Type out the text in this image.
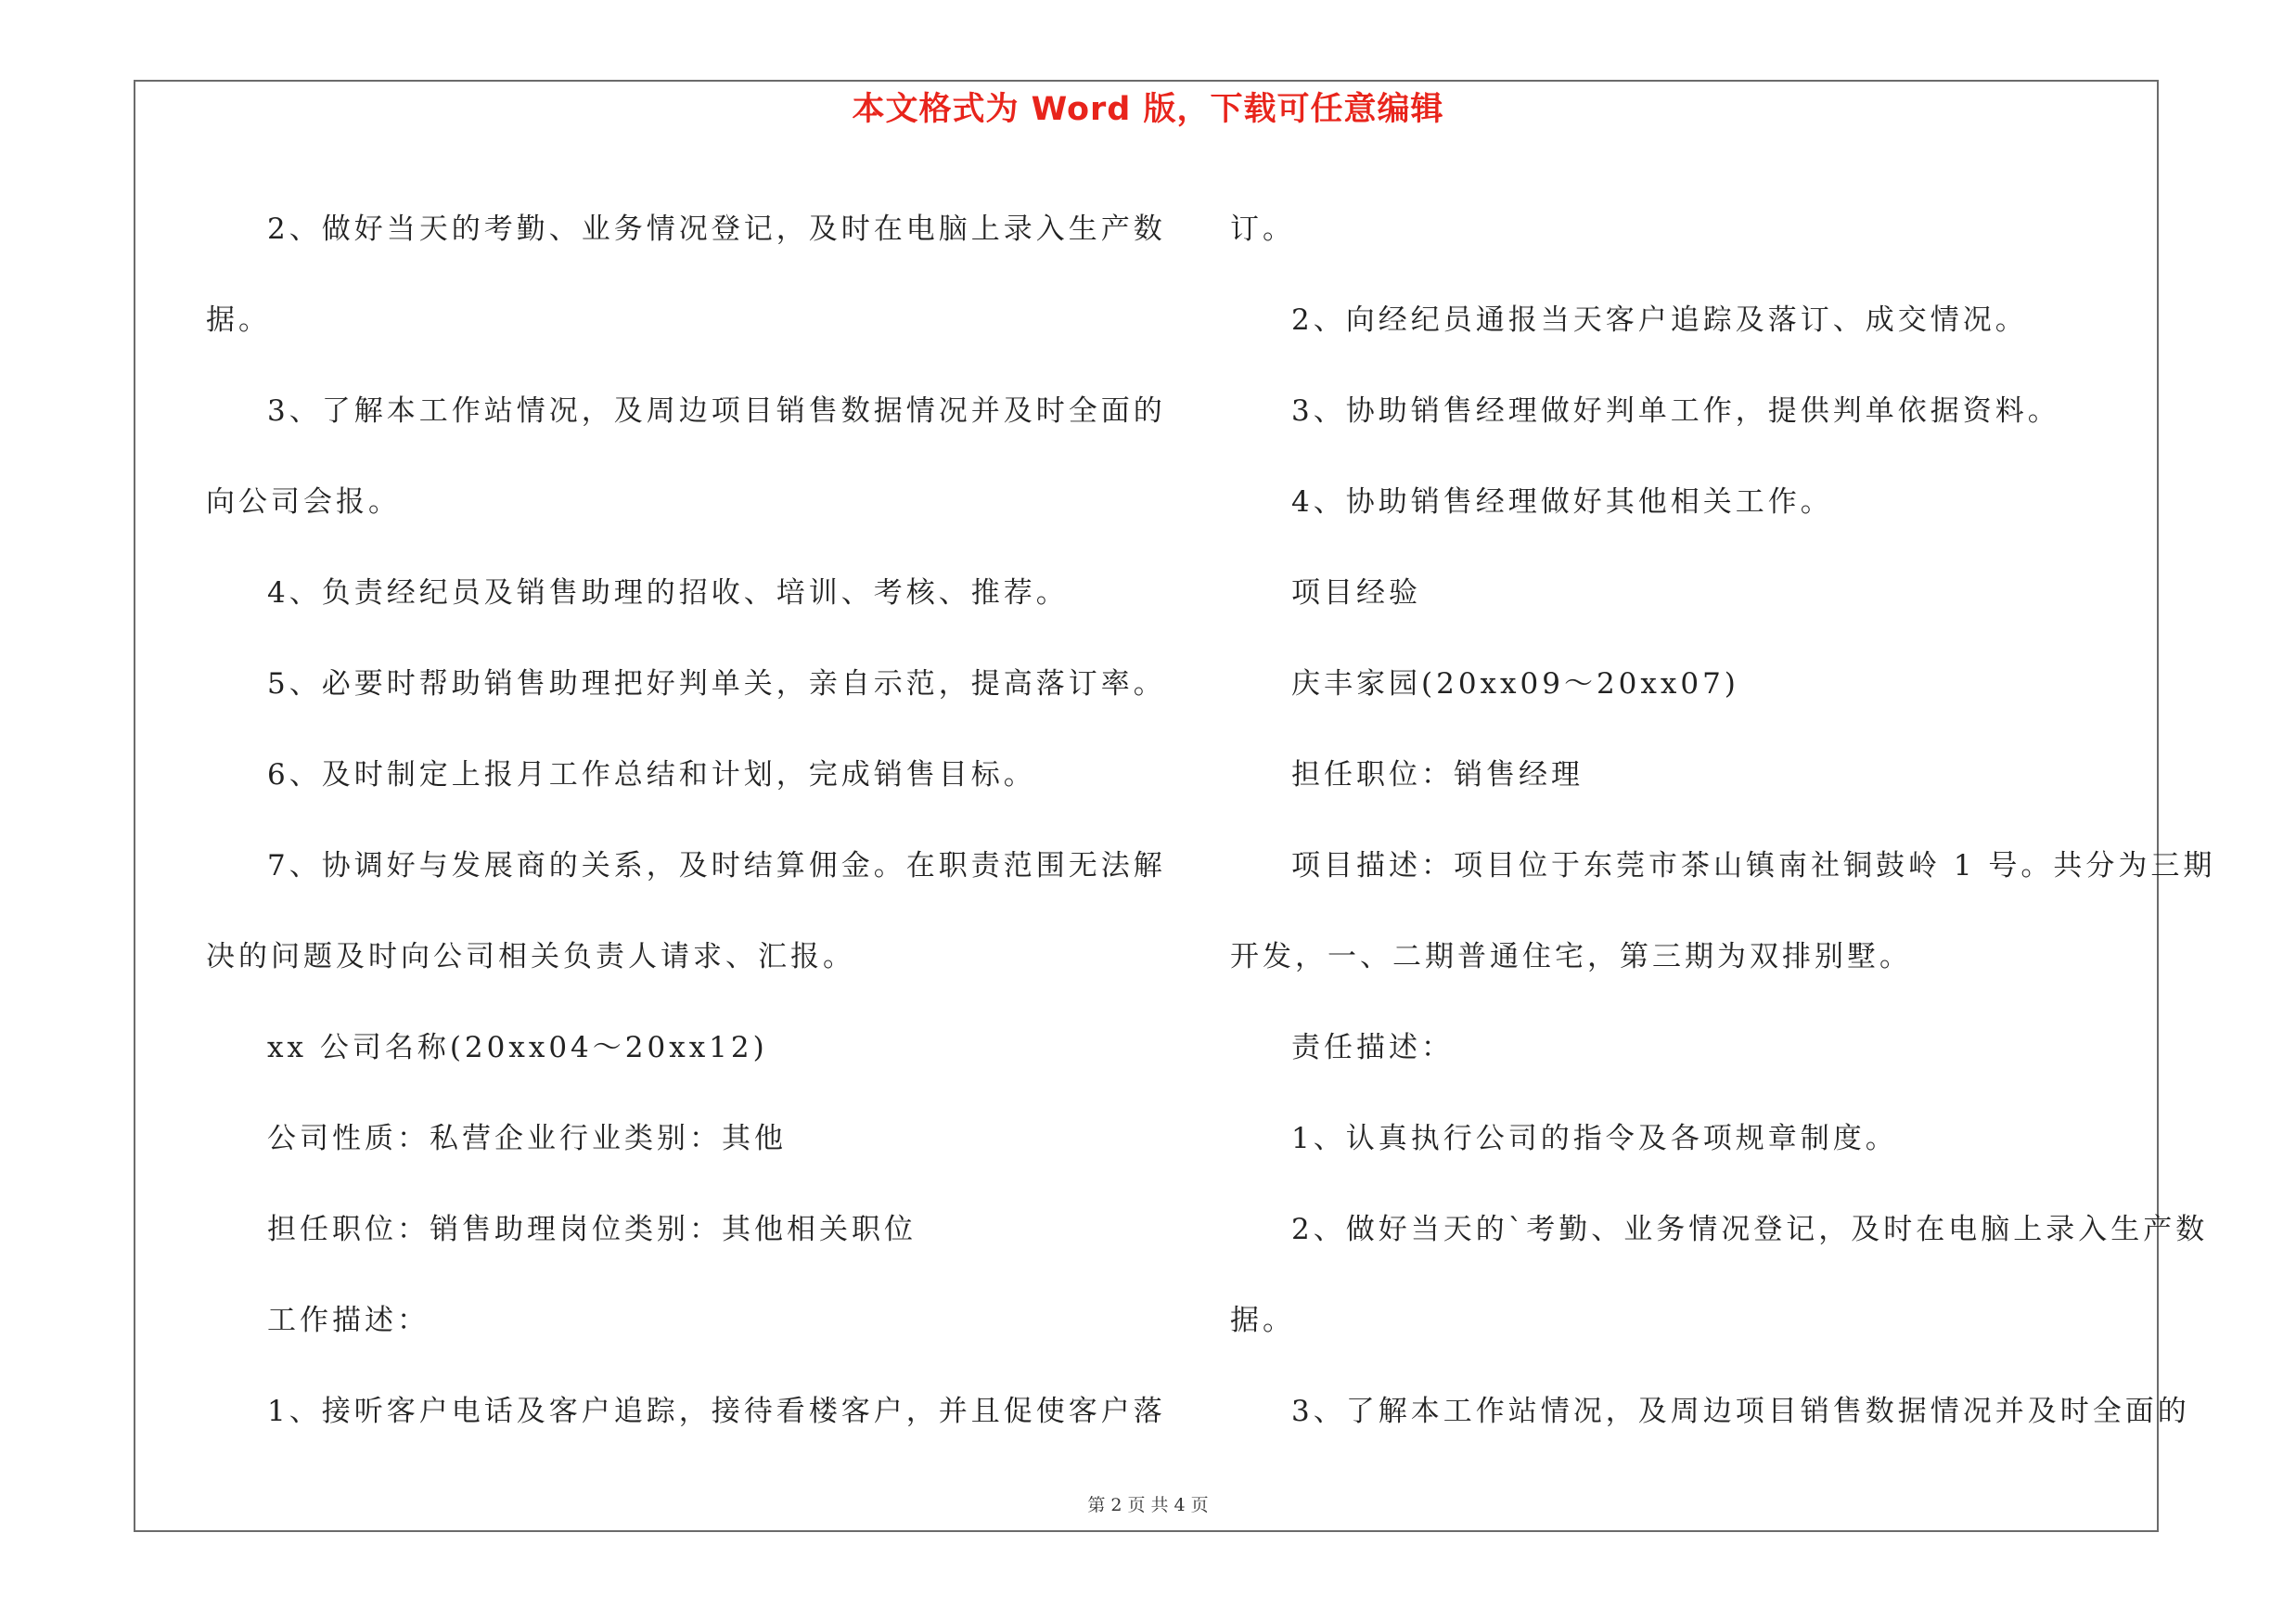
本文格式为 Word 版，下载可任意编辑
2、做好当天的考勤、业务情况登记，及时在电脑上录入生产数
据。
3、了解本工作站情况，及周边项目销售数据情况并及时全面的
向公司会报。
4、负责经纪员及销售助理的招收、培训、考核、推荐。
5、必要时帮助销售助理把好判单关，亲自示范，提高落订率。
6、及时制定上报月工作总结和计划，完成销售目标。
7、协调好与发展商的关系，及时结算佣金。在职责范围无法解
决的问题及时向公司相关负责人请求、汇报。
xx 公司名称(20xx04～20xx12)
公司性质：私营企业行业类别：其他
担任职位：销售助理岗位类别：其他相关职位
工作描述：
1、接听客户电话及客户追踪，接待看楼客户，并且促使客户落
订。
2、向经纪员通报当天客户追踪及落订、成交情况。
3、协助销售经理做好判单工作，提供判单依据资料。
4、协助销售经理做好其他相关工作。
项目经验
庆丰家园(20xx09～20xx07)
担任职位：销售经理
项目描述：项目位于东莞市茶山镇南社铜鼓岭 1 号。共分为三期
开发，一、二期普通住宅，第三期为双排别墅。
责任描述：
1、认真执行公司的指令及各项规章制度。
2、做好当天的`考勤、业务情况登记，及时在电脑上录入生产数
据。
3、了解本工作站情况，及周边项目销售数据情况并及时全面的
第 2 页 共 4 页
